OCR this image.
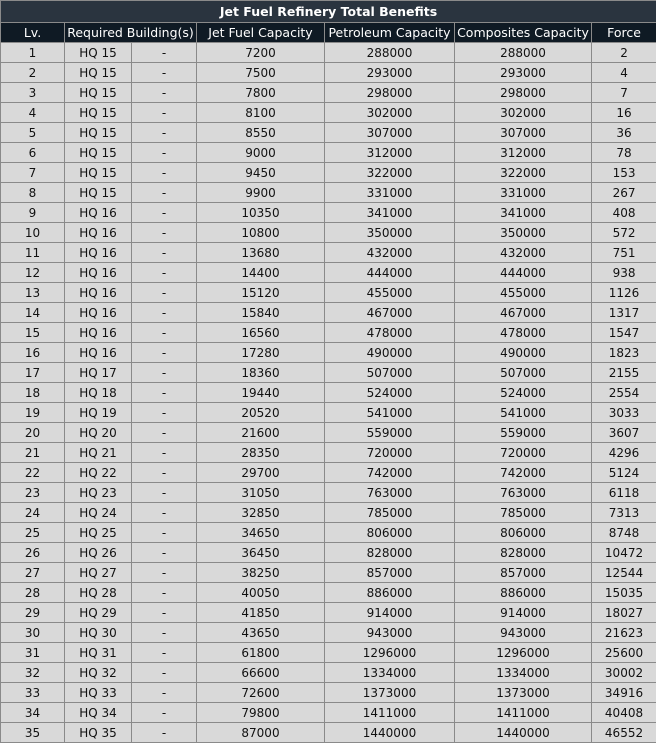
Jet Fuel Refinery Total Benefits						
Lv.	Required Building(s)		Jet Fuel Capacity	Petroleum Capacity	Composites Capacity	Force
1	HQ 15	-	7200	288000	288000	2
2	HQ 15	-	7500	293000	293000	4
3	HQ 15	-	7800	298000	298000	7
4	HQ 15	-	8100	302000	302000	16
5	HQ 15	-	8550	307000	307000	36
6	HQ 15	-	9000	312000	312000	78
7	HQ 15	-	9450	322000	322000	153
8	HQ 15	-	9900	331000	331000	267
9	HQ 16	-	10350	341000	341000	408
10	HQ 16	-	10800	350000	350000	572
11	HQ 16	-	13680	432000	432000	751
12	HQ 16	-	14400	444000	444000	938
13	HQ 16	-	15120	455000	455000	1126
14	HQ 16	-	15840	467000	467000	1317
15	HQ 16	-	16560	478000	478000	1547
16	HQ 16	-	17280	490000	490000	1823
17	HQ 17	-	18360	507000	507000	2155
18	HQ 18	-	19440	524000	524000	2554
19	HQ 19	-	20520	541000	541000	3033
20	HQ 20	-	21600	559000	559000	3607
21	HQ 21	-	28350	720000	720000	4296
22	HQ 22	-	29700	742000	742000	5124
23	HQ 23	-	31050	763000	763000	6118
24	HQ 24	-	32850	785000	785000	7313
25	HQ 25	-	34650	806000	806000	8748
26	HQ 26	-	36450	828000	828000	10472
27	HQ 27	-	38250	857000	857000	12544
28	HQ 28	-	40050	886000	886000	15035
29	HQ 29	-	41850	914000	914000	18027
30	HQ 30	-	43650	943000	943000	21623
31	HQ 31	-	61800	1296000	1296000	25600
32	HQ 32	-	66600	1334000	1334000	30002
33	HQ 33	-	72600	1373000	1373000	34916
34	HQ 34	-	79800	1411000	1411000	40408
35	HQ 35	-	87000	1440000	1440000	46552
